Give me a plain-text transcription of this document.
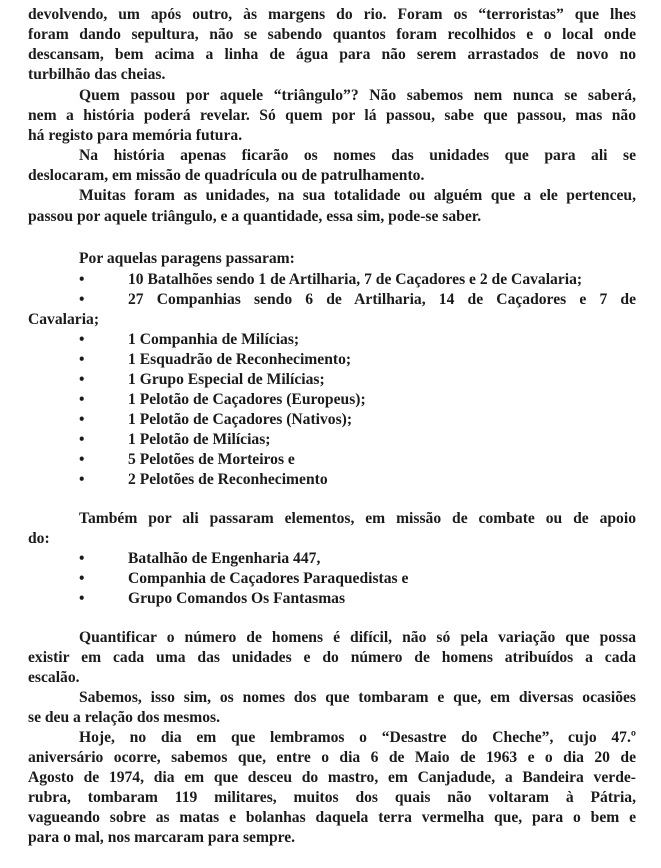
devolvendo, um após outro, às margens do rio. Foram os “terroristas” que lhes
foram dando sepultura, não se sabendo quantos foram recolhidos e o local onde
descansam, bem acima a linha de água para não serem arrastados de novo no
turbilhão das cheias.
Quem passou por aquele “triângulo”? Não sabemos nem nunca se saberá,
nem a história poderá revelar. Só quem por lá passou, sabe que passou, mas não
há registo para memória futura.
Na história apenas ficarão os nomes das unidades que para ali se
deslocaram, em missão de quadrícula ou de patrulhamento.
Muitas foram as unidades, na sua totalidade ou alguém que a ele pertenceu,
passou por aquele triângulo, e a quantidade, essa sim, pode-se saber.
Por aquelas paragens passaram:
•	10 Batalhões sendo 1 de Artilharia, 7 de Caçadores e 2 de Cavalaria;
•	27 Companhias sendo 6 de Artilharia, 14 de Caçadores e 7 de
Cavalaria;
•	1 Companhia de Milícias;
•	1 Esquadrão de Reconhecimento;
•	1 Grupo Especial de Milícias;
•	1 Pelotão de Caçadores (Europeus);
•	1 Pelotão de Caçadores (Nativos);
•	1 Pelotão de Milícias;
•	5 Pelotões de Morteiros e
•	2 Pelotões de Reconhecimento
Também por ali passaram elementos, em missão de combate ou de apoio
do:
•	Batalhão de Engenharia 447,
•	Companhia de Caçadores Paraquedistas e
•	Grupo Comandos Os Fantasmas
Quantificar o número de homens é difícil, não só pela variação que possa
existir em cada uma das unidades e do número de homens atribuídos a cada
escalão.
Sabemos, isso sim, os nomes dos que tombaram e que, em diversas ocasiões
se deu a relação dos mesmos.
Hoje, no dia em que lembramos o “Desastre do Cheche”, cujo 47.º
aniversário ocorre, sabemos que, entre o dia 6 de Maio de 1963 e o dia 20 de
Agosto de 1974, dia em que desceu do mastro, em Canjadude, a Bandeira verde-
rubra, tombaram 119 militares, muitos dos quais não voltaram à Pátria,
vagueando sobre as matas e bolanhas daquela terra vermelha que, para o bem e
para o mal, nos marcaram para sempre.
